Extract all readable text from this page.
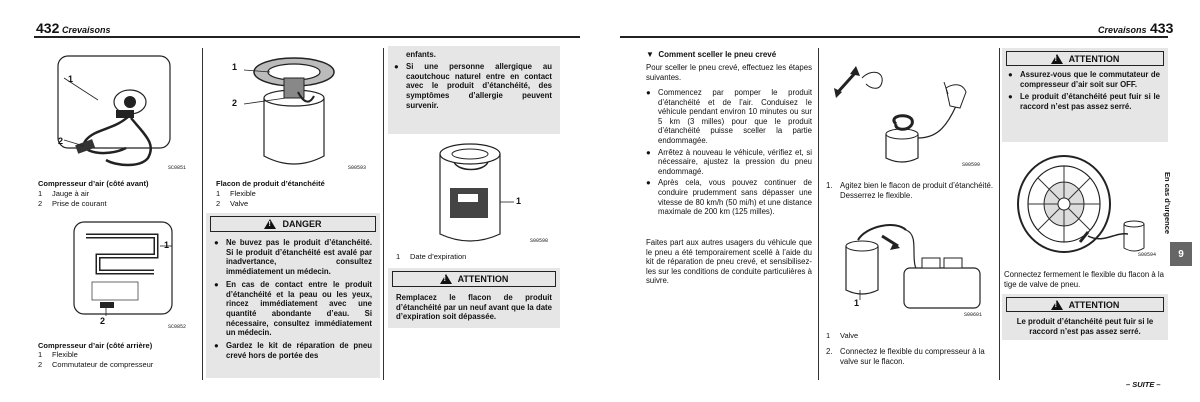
432 Crevaisons
1
2
SC0851
Compresseur d’air (côté avant)
1	Jauge à air
2	Prise de courant
1
2
SC0852
Compresseur d’air (côté arrière)
1	Flexible
2	Commutateur de compresseur
1
2
S00593
Flacon de produit d’étanchéité
1	Flexible
2	Valve
! DANGER
● Ne buvez pas le produit d’étanchéité. Si le produit d’étanchéité est avalé par inadvertance, consultez immédiatement un médecin.
● En cas de contact entre le produit d’étanchéité et la peau ou les yeux, rincez immédiatement avec une quantité abondante d’eau. Si nécessaire, consultez immédiatement un médecin.
● Gardez le kit de réparation de pneu crevé hors de portée des
enfants.
● Si une personne allergique au caoutchouc naturel entre en contact avec le produit d’étanchéité, des symptômes d’allergie peuvent survenir.
1
S00598
1	Date d’expiration
! ATTENTION
Remplacez le flacon de produit d’étanchéité par un neuf avant que la date d’expiration soit dépassée.
Crevaisons 433
▼ Comment sceller le pneu crevé
Pour sceller le pneu crevé, effectuez les étapes suivantes.
● Commencez par pomper le produit d’étanchéité et de l’air. Conduisez le véhicule pendant environ 10 minutes ou sur 5 km (3 milles) pour que le produit d’étanchéité puisse sceller la partie endommagée.
● Arrêtez à nouveau le véhicule, vérifiez et, si nécessaire, ajustez la pression du pneu endommagé.
● Après cela, vous pouvez continuer de conduire prudemment sans dépasser une vitesse de 80 km/h (50 mi/h) et une distance maximale de 200 km (125 milles).
Faites part aux autres usagers du véhicule que le pneu a été temporairement scellé à l’aide du kit de réparation de pneu crevé, et sensibilisez-les sur les conditions de conduite particulières à suivre.
S00599
1. Agitez bien le flacon de produit d’étanchéité. Desserrez le flexible.
1
S00601
1	Valve
2. Connectez le flexible du compresseur à la valve sur le flacon.
! ATTENTION
● Assurez-vous que le commutateur de compresseur d’air soit sur OFF.
● Le produit d’étanchéité peut fuir si le raccord n’est pas assez serré.
S00594
Connectez fermement le flexible du flacon à la tige de valve de pneu.
! ATTENTION
Le produit d’étanchéité peut fuir si le raccord n’est pas assez serré.
En cas d’urgence
9
– SUITE –
